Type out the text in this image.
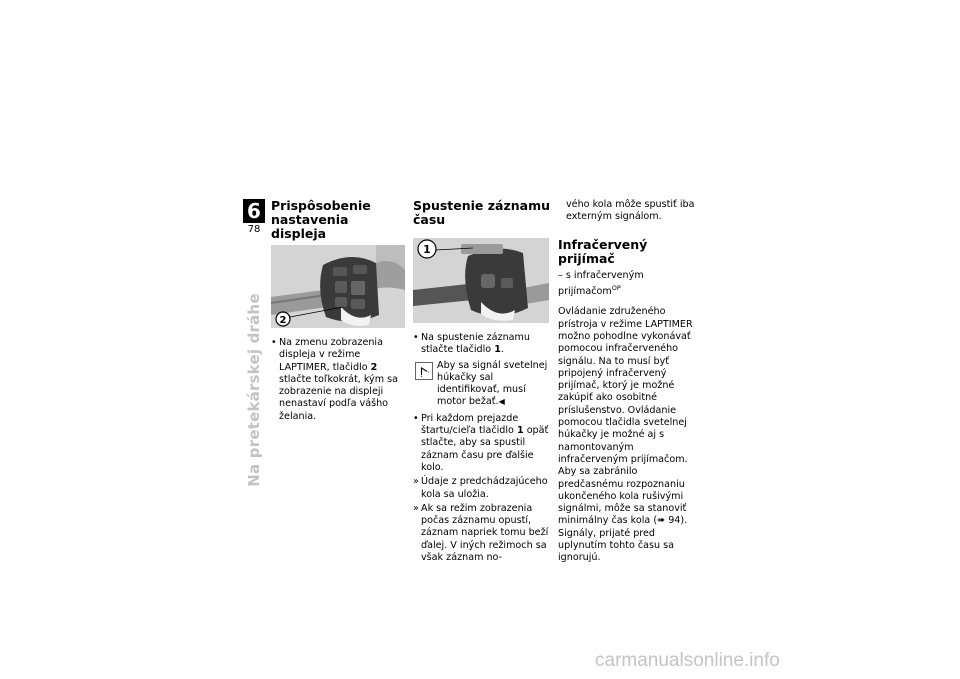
6
78
Na pretekárskej dráhe
Prispôsobenie nastavenia displeja
2
• Na zmenu zobrazenia displeja v režime LAPTIMER, tlačidlo 2 stlačte toľkokrát, kým sa zobrazenie na displeji nenastaví podľa vášho želania.
Spustenie záznamu času
1
• Na spustenie záznamu stlačte tlačidlo 1.
Aby sa signál svetelnej húkačky sal identifikovať, musí motor bežať.◀
• Pri každom prejazde štartu/cieľa tlačidlo 1 opäť stlačte, aby sa spustil záznam času pre ďalšie kolo.
» Údaje z predchádzajúceho kola sa uložia.
» Ak sa režim zobrazenia počas záznamu opustí, záznam napriek tomu beží ďalej. V iných režimoch sa však záznam no-

vého kola môže spustiť iba externým signálom.

Infračervený prijímač

– s infračerveným prijímačom$^{OP}$

Ovládanie združeného prístroja v režime LAPTIMER možno pohodlne vykonávať pomocou infračerveného signálu. Na to musí byť pripojený infračervený prijímač, ktorý je možné zakúpiť ako osobitné príslušenstvo. Ovládanie pomocou tlačidla svetelnej húkačky je možné aj s namontovaným infračerveným prijímačom. Aby sa zabránilo predčasnému rozpoznaniu ukončeného kola rušivými signálmi, môže sa stanoviť minimálny čas kola (➠ 94). Signály, prijaté pred uplynutím tohto času sa ignorujú.

carmanualsonline.info
